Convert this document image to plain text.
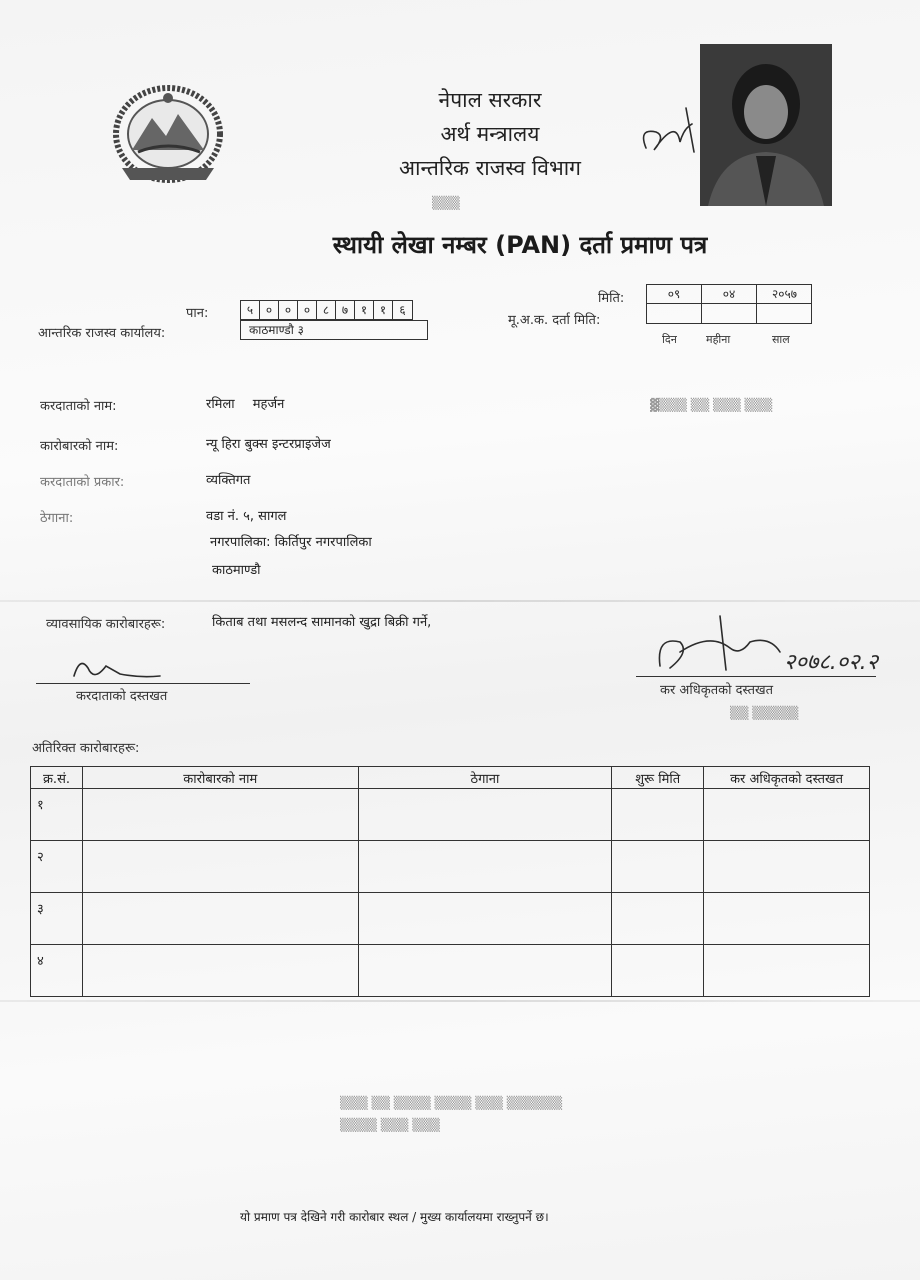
नेपाल सरकार
अर्थ मन्त्रालय
आन्तरिक राजस्व विभाग
▒▒▒
स्थायी लेखा नम्बर (PAN) दर्ता प्रमाण पत्र
पान:	५	०	०	०	८	७	१	१	६
आन्तरिक राजस्व कार्यालय:	काठमाण्डौ ३
मिति:
मू.अ.क. दर्ता मिति:
०९	०४	२०५७
दिन	महीना	साल
करदाताको नाम:	रमिला महर्जन	▓▒▒▒ ▒▒ ▒▒▒ ▒▒▒
कारोबारको नाम:	न्यू हिरा बुक्स इन्टरप्राइजेज
करदाताको प्रकार:	व्यक्तिगत
ठेगाना:	वडा नं. ५, सागल
नगरपालिका: किर्तिपुर नगरपालिका
काठमाण्डौ
व्यावसायिक कारोबारहरू:	किताब तथा मसलन्द सामानको खुद्रा बिक्री गर्ने,
करदाताको दस्तखत
२०७८.०२.२
कर अधिकृतको दस्तखत
▒▒ ▒▒▒▒▒
अतिरिक्त कारोबारहरू:
क्र.सं.	कारोबारको नाम	ठेगाना	शुरू मिति	कर अधिकृतको दस्तखत
१				
२				
३				
४				
▒▒▒ ▒▒ ▒▒▒▒ ▒▒▒▒ ▒▒▒ ▒▒▒▒▒▒
▒▒▒▒ ▒▒▒ ▒▒▒
यो प्रमाण पत्र देखिने गरी कारोबार स्थल / मुख्य कार्यालयमा राख्नुपर्ने छ।
